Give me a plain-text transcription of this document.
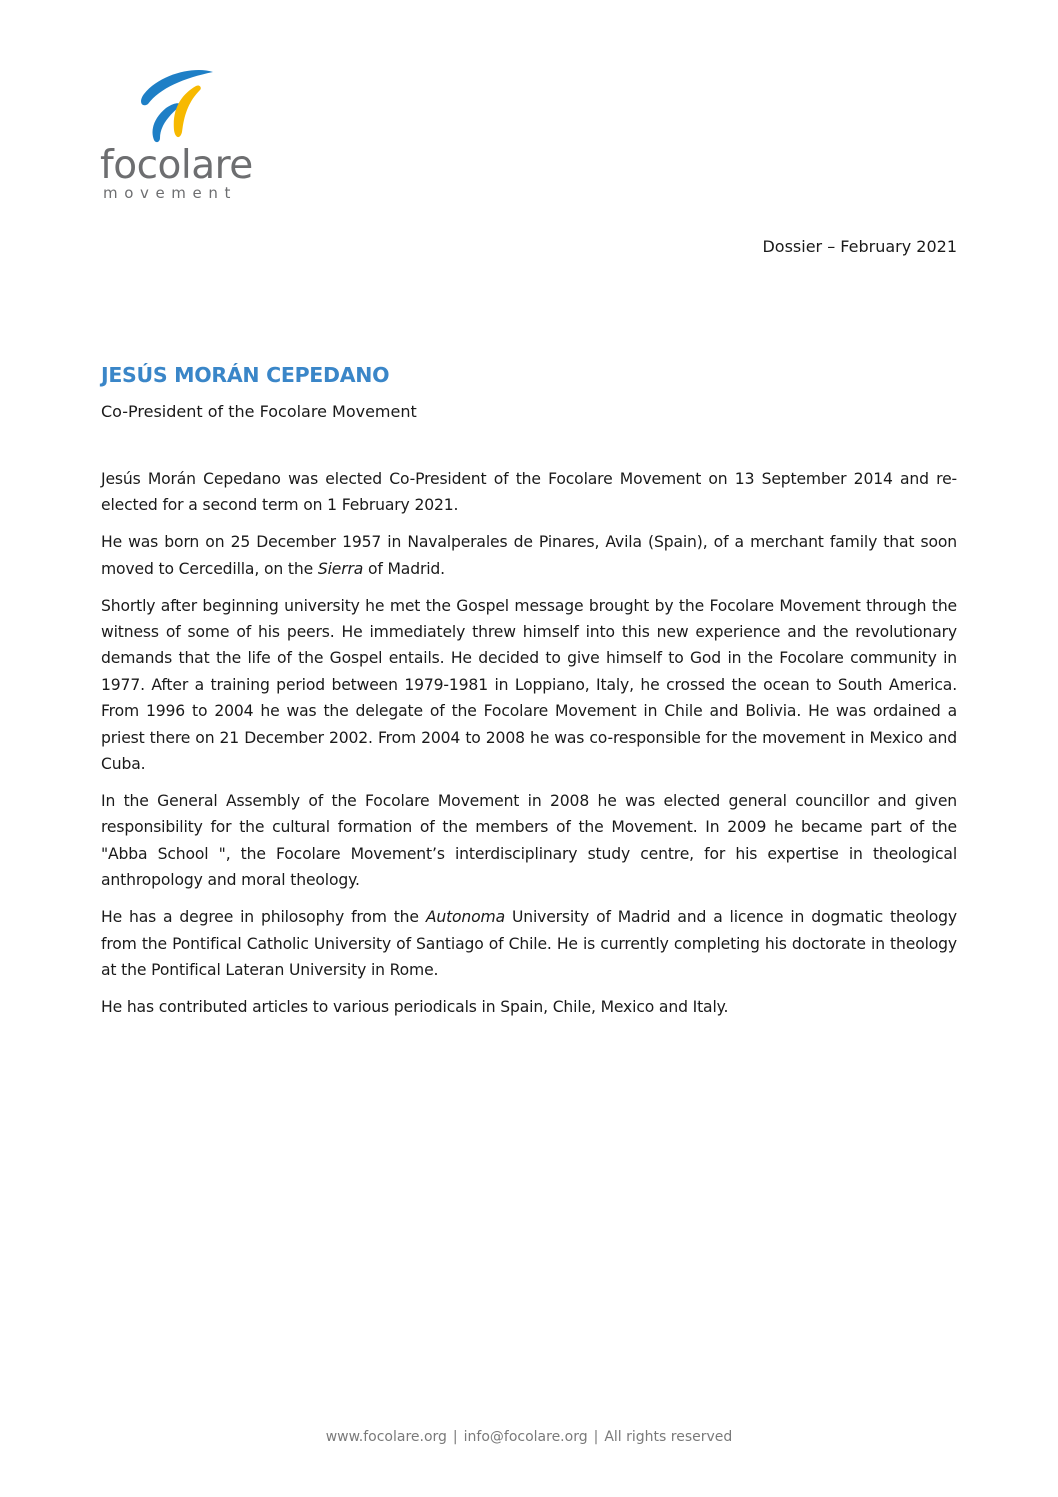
focolare
movement
Dossier – February 2021
JESÚS MORÁN CEPEDANO
Co-President of the Focolare Movement

Jesús Morán Cepedano was elected Co-President of the Focolare Movement on 13 September 2014 and re-elected for a second term on 1 February 2021.

He was born on 25 December 1957 in Navalperales de Pinares, Avila (Spain), of a merchant family that soon moved to Cercedilla, on the Sierra of Madrid.

Shortly after beginning university he met the Gospel message brought by the Focolare Movement through the witness of some of his peers. He immediately threw himself into this new experience and the revolutionary demands that the life of the Gospel entails. He decided to give himself to God in the Focolare community in 1977. After a training period between 1979-1981 in Loppiano, Italy, he crossed the ocean to South America. From 1996 to 2004 he was the delegate of the Focolare Movement in Chile and Bolivia. He was ordained a priest there on 21 December 2002. From 2004 to 2008 he was co-responsible for the movement in Mexico and Cuba.

In the General Assembly of the Focolare Movement in 2008 he was elected general councillor and given responsibility for the cultural formation of the members of the Movement. In 2009 he became part of the "Abba School ", the Focolare Movement’s interdisciplinary study centre, for his expertise in theological anthropology and moral theology.

He has a degree in philosophy from the Autonoma University of Madrid and a licence in dogmatic theology from the Pontifical Catholic University of Santiago of Chile. He is currently completing his doctorate in theology at the Pontifical Lateran University in Rome.

He has contributed articles to various periodicals in Spain, Chile, Mexico and Italy.

www.focolare.org | info@focolare.org | All rights reserved
